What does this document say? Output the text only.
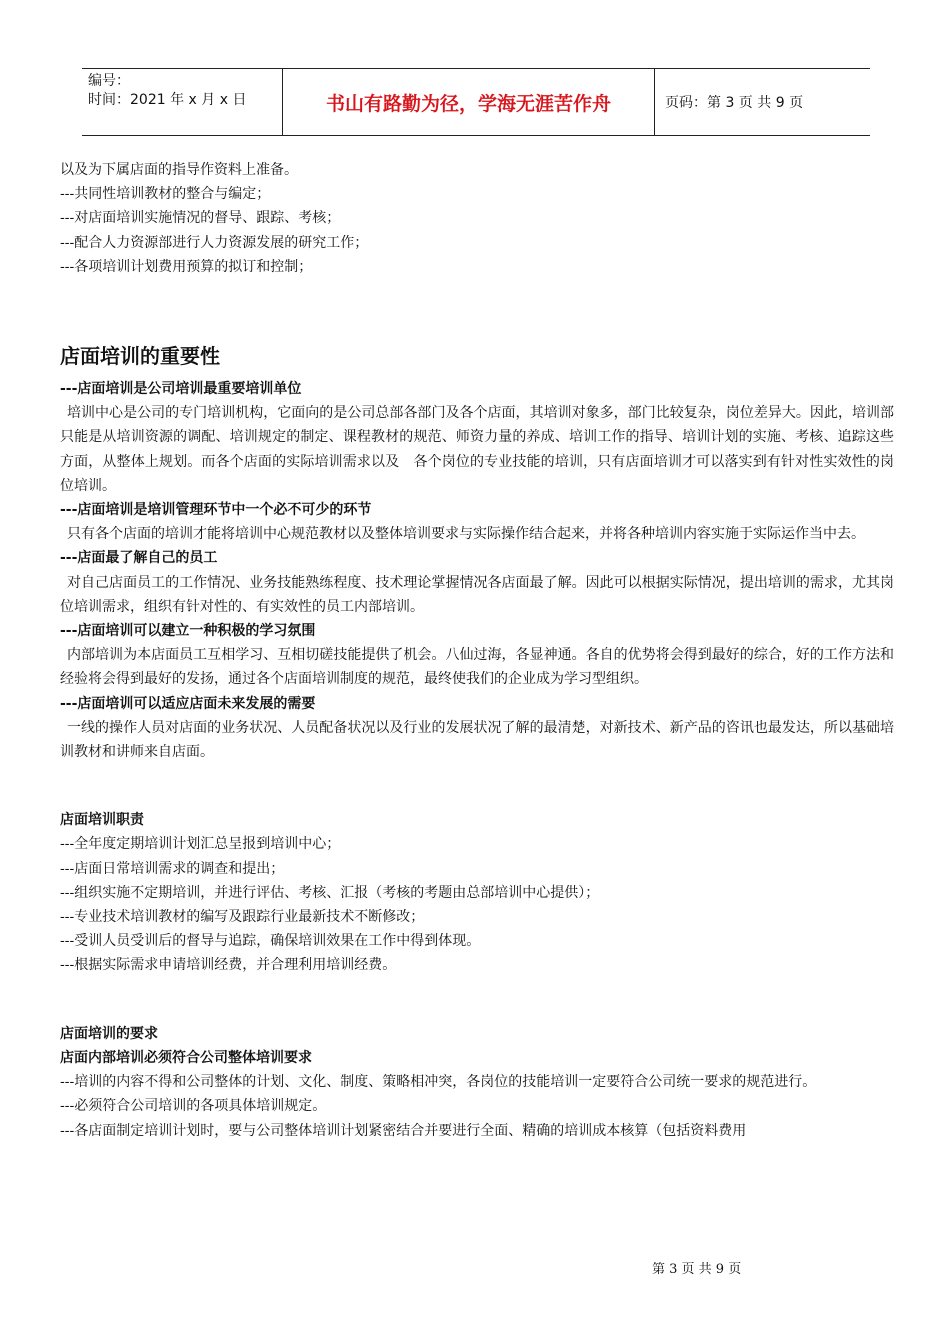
编号：
时间：2021 年 x 月 x 日	书山有路勤为径，学海无涯苦作舟	页码：第 3 页 共 9 页

以及为下属店面的指导作资料上准备。

---共同性培训教材的整合与编定；

---对店面培训实施情况的督导、跟踪、考核；

---配合人力资源部进行人力资源发展的研究工作；

---各项培训计划费用预算的拟订和控制；

店面培训的重要性

---店面培训是公司培训最重要培训单位

培训中心是公司的专门培训机构，它面向的是公司总部各部门及各个店面，其培训对象多，部门比较复杂，岗位差异大。因此，培训部只能是从培训资源的调配、培训规定的制定、课程教材的规范、师资力量的养成、培训工作的指导、培训计划的实施、考核、追踪这些方面，从整体上规划。而各个店面的实际培训需求以及　各个岗位的专业技能的培训，只有店面培训才可以落实到有针对性实效性的岗位培训。

---店面培训是培训管理环节中一个必不可少的环节

只有各个店面的培训才能将培训中心规范教材以及整体培训要求与实际操作结合起来，并将各种培训内容实施于实际运作当中去。

---店面最了解自己的员工

对自己店面员工的工作情况、业务技能熟练程度、技术理论掌握情况各店面最了解。因此可以根据实际情况，提出培训的需求，尤其岗位培训需求，组织有针对性的、有实效性的员工内部培训。

---店面培训可以建立一种积极的学习氛围

内部培训为本店面员工互相学习、互相切磋技能提供了机会。八仙过海，各显神通。各自的优势将会得到最好的综合，好的工作方法和经验将会得到最好的发扬，通过各个店面培训制度的规范，最终使我们的企业成为学习型组织。

---店面培训可以适应店面未来发展的需要

一线的操作人员对店面的业务状况、人员配备状况以及行业的发展状况了解的最清楚，对新技术、新产品的咨讯也最发达，所以基础培训教材和讲师来自店面。

店面培训职责

---全年度定期培训计划汇总呈报到培训中心；

---店面日常培训需求的调查和提出；

---组织实施不定期培训，并进行评估、考核、汇报（考核的考题由总部培训中心提供）；

---专业技术培训教材的编写及跟踪行业最新技术不断修改；

---受训人员受训后的督导与追踪，确保培训效果在工作中得到体现。

---根据实际需求申请培训经费，并合理利用培训经费。

店面培训的要求

店面内部培训必须符合公司整体培训要求

---培训的内容不得和公司整体的计划、文化、制度、策略相冲突，各岗位的技能培训一定要符合公司统一要求的规范进行。

---必须符合公司培训的各项具体培训规定。

---各店面制定培训计划时，要与公司整体培训计划紧密结合并要进行全面、精确的培训成本核算（包括资料费用

第 3 页 共 9 页
